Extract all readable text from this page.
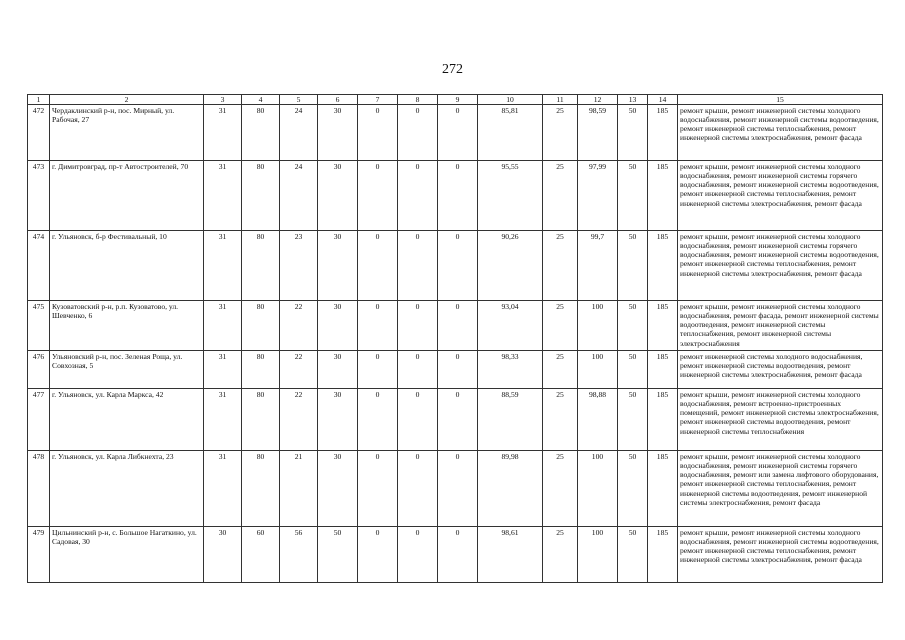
272
1	2	3	4	5	6	7	8	9	10	11	12	13	14	15
472	Чердаклинский р-н, пос. Мирный, ул. Рабочая, 27	31	80	24	30	0	0	0	85,81	25	98,59	50	185	ремонт крыши, ремонт инженерной системы холодного водоснабжения, ремонт инженерной системы водоотведения, ремонт инженерной системы теплоснабжения, ремонт инженерной системы электроснабжения, ремонт фасада
473	г. Димитровград, пр-т Автостроителей, 70	31	80	24	30	0	0	0	95,55	25	97,99	50	185	ремонт крыши, ремонт инженерной системы холодного водоснабжения, ремонт инженерной системы горячего водоснабжения, ремонт инженерной системы водоотведения, ремонт инженерной системы теплоснабжения, ремонт инженерной системы электроснабжения, ремонт фасада
474	г. Ульяновск, б-р Фестивальный, 10	31	80	23	30	0	0	0	90,26	25	99,7	50	185	ремонт крыши, ремонт инженерной системы холодного водоснабжения, ремонт инженерной системы горячего водоснабжения, ремонт инженерной системы водоотведения, ремонт инженерной системы теплоснабжения, ремонт инженерной системы электроснабжения, ремонт фасада
475	Кузоватовский р-н, р.п. Кузоватово, ул. Шевченко, 6	31	80	22	30	0	0	0	93,04	25	100	50	185	ремонт крыши, ремонт инженерной системы холодного водоснабжения, ремонт фасада, ремонт инженерной системы водоотведения, ремонт инженерной системы теплоснабжения, ремонт инженерной системы электроснабжения
476	Ульяновский р-н, пос. Зеленая Роща, ул. Совхозная, 5	31	80	22	30	0	0	0	98,33	25	100	50	185	ремонт инженерной системы холодного водоснабжения, ремонт инженерной системы водоотведения, ремонт инженерной системы электроснабжения, ремонт фасада
477	г. Ульяновск, ул. Карла Маркса, 42	31	80	22	30	0	0	0	88,59	25	98,88	50	185	ремонт крыши, ремонт инженерной системы холодного водоснабжения, ремонт встроенно-пристроенных помещений, ремонт инженерной системы электроснабжения, ремонт инженерной системы водоотведения, ремонт инженерной системы теплоснабжения
478	г. Ульяновск, ул. Карла Либкнехта, 23	31	80	21	30	0	0	0	89,98	25	100	50	185	ремонт крыши, ремонт инженерной системы холодного водоснабжения, ремонт инженерной системы горячего водоснабжения, ремонт или замена лифтового оборудования, ремонт инженерной системы теплоснабжения, ремонт инженерной системы водоотведения, ремонт инженерной системы электроснабжения, ремонт фасада
479	Цильнинский р-н, с. Большое Нагаткино, ул. Садовая, 30	30	60	56	50	0	0	0	98,61	25	100	50	185	ремонт крыши, ремонт инженерной системы холодного водоснабжения, ремонт инженерной системы водоотведения, ремонт инженерной системы теплоснабжения, ремонт инженерной системы электроснабжения, ремонт фасада
